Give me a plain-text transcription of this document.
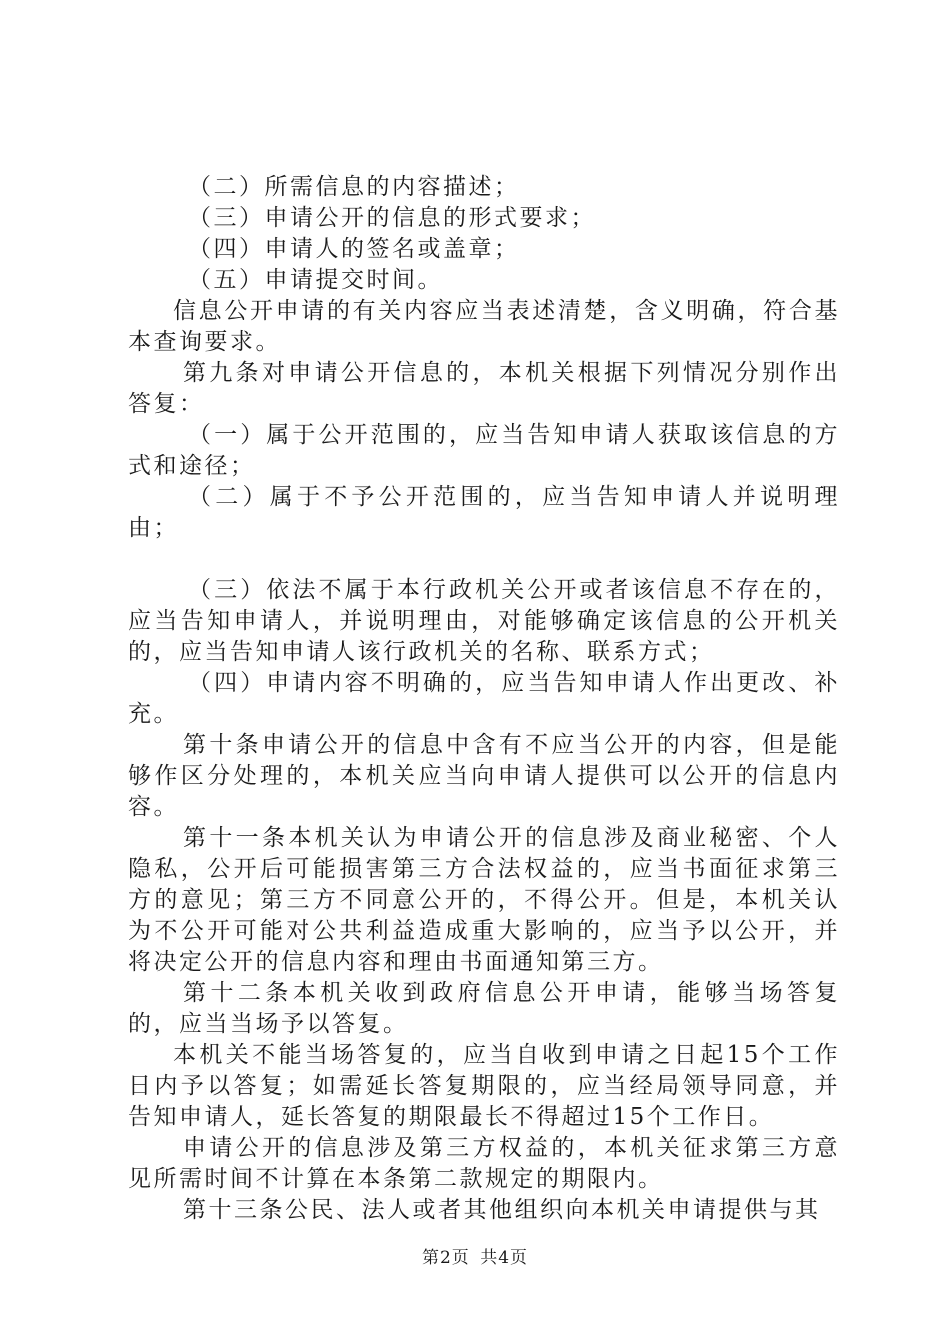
（二）所需信息的内容描述；

（三）申请公开的信息的形式要求；

（四）申请人的签名或盖章；

（五）申请提交时间。

信息公开申请的有关内容应当表述清楚，含义明确，符合基本查询要求。

第九条对申请公开信息的，本机关根据下列情况分别作出答复：

（一）属于公开范围的，应当告知申请人获取该信息的方式和途径；

（二）属于不予公开范围的，应当告知申请人并说明理由；

（三）依法不属于本行政机关公开或者该信息不存在的，应当告知申请人，并说明理由，对能够确定该信息的公开机关的，应当告知申请人该行政机关的名称、联系方式；

（四）申请内容不明确的，应当告知申请人作出更改、补充。

第十条申请公开的信息中含有不应当公开的内容，但是能够作区分处理的，本机关应当向申请人提供可以公开的信息内容。

第十一条本机关认为申请公开的信息涉及商业秘密、个人隐私，公开后可能损害第三方合法权益的，应当书面征求第三方的意见；第三方不同意公开的，不得公开。但是，本机关认为不公开可能对公共利益造成重大影响的，应当予以公开，并将决定公开的信息内容和理由书面通知第三方。

第十二条本机关收到政府信息公开申请，能够当场答复的，应当当场予以答复。

本机关不能当场答复的，应当自收到申请之日起15个工作日内予以答复；如需延长答复期限的，应当经局领导同意，并告知申请人，延长答复的期限最长不得超过15个工作日。

申请公开的信息涉及第三方权益的，本机关征求第三方意见所需时间不计算在本条第二款规定的期限内。

第十三条公民、法人或者其他组织向本机关申请提供与其

第2页 共4页
